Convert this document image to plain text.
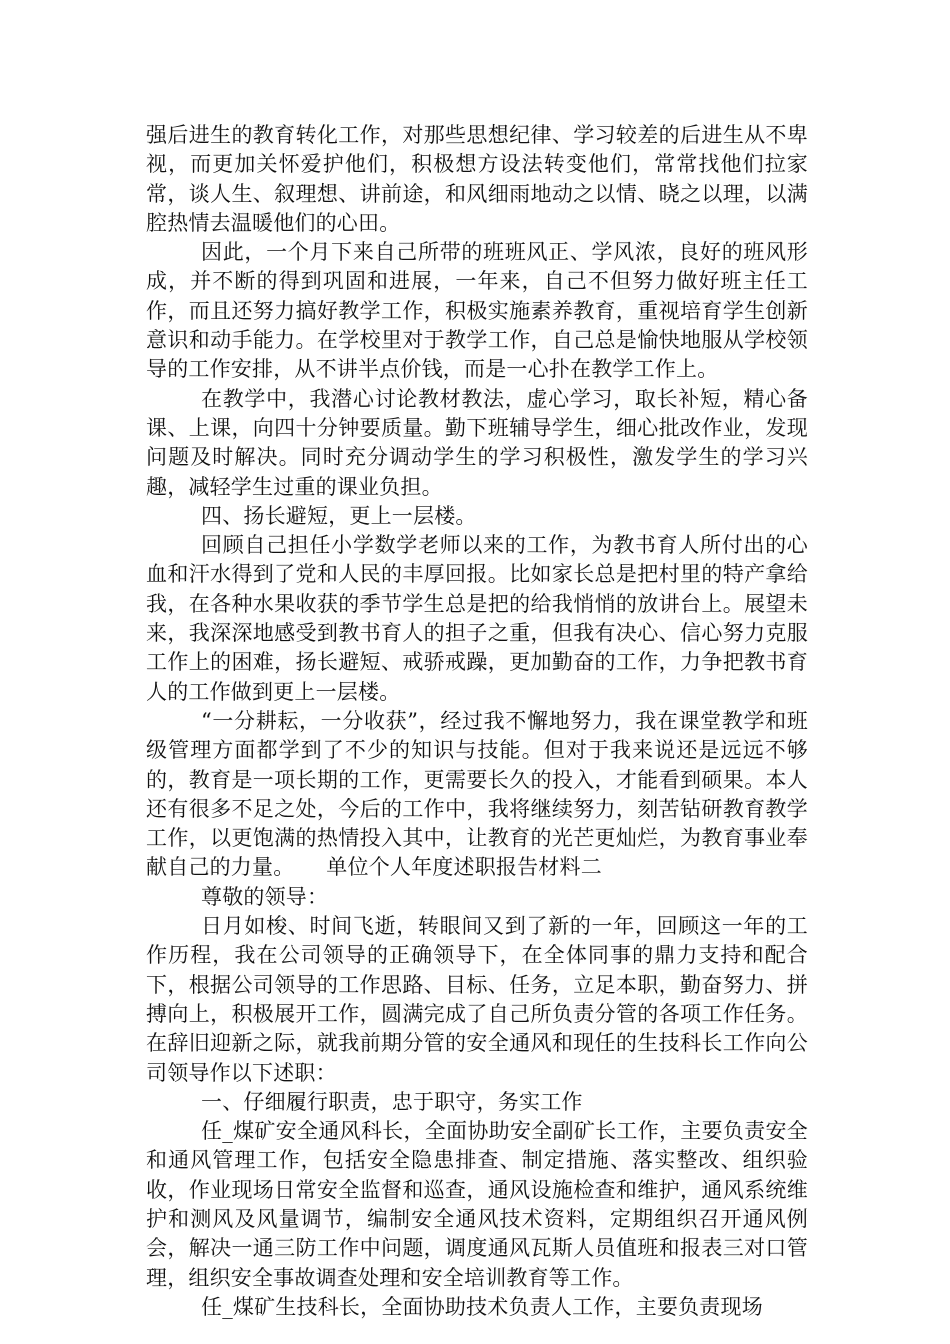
强后进生的教育转化工作，对那些思想纪律、学习较差的后进生从不卑视，而更加关怀爱护他们，积极想方设法转变他们，常常找他们拉家常，谈人生、叙理想、讲前途，和风细雨地动之以情、晓之以理，以满腔热情去温暖他们的心田。

因此，一个月下来自己所带的班班风正、学风浓，良好的班风形成，并不断的得到巩固和进展，一年来，自己不但努力做好班主任工作，而且还努力搞好教学工作，积极实施素养教育，重视培育学生创新意识和动手能力。在学校里对于教学工作，自己总是愉快地服从学校领导的工作安排，从不讲半点价钱，而是一心扑在教学工作上。

在教学中，我潜心讨论教材教法，虚心学习，取长补短，精心备课、上课，向四十分钟要质量。勤下班辅导学生，细心批改作业，发现问题及时解决。同时充分调动学生的学习积极性，激发学生的学习兴趣，减轻学生过重的课业负担。

四、扬长避短，更上一层楼。

回顾自己担任小学数学老师以来的工作，为教书育人所付出的心血和汗水得到了党和人民的丰厚回报。比如家长总是把村里的特产拿给我，在各种水果收获的季节学生总是把的给我悄悄的放讲台上。展望未来，我深深地感受到教书育人的担子之重，但我有决心、信心努力克服工作上的困难，扬长避短、戒骄戒躁，更加勤奋的工作，力争把教书育人的工作做到更上一层楼。

“一分耕耘，一分收获”，经过我不懈地努力，我在课堂教学和班级管理方面都学到了不少的知识与技能。但对于我来说还是远远不够的，教育是一项长期的工作，更需要长久的投入，才能看到硕果。本人还有很多不足之处，今后的工作中，我将继续努力，刻苦钻研教育教学工作，以更饱满的热情投入其中，让教育的光芒更灿烂，为教育事业奉献自己的力量。　　单位个人年度述职报告材料二

尊敬的领导：

日月如梭、时间飞逝，转眼间又到了新的一年，回顾这一年的工作历程，我在公司领导的正确领导下，在全体同事的鼎力支持和配合下，根据公司领导的工作思路、目标、任务，立足本职，勤奋努力、拼搏向上，积极展开工作，圆满完成了自己所负责分管的各项工作任务。在辞旧迎新之际，就我前期分管的安全通风和现任的生技科长工作向公司领导作以下述职：

一、仔细履行职责，忠于职守，务实工作

任_煤矿安全通风科长，全面协助安全副矿长工作，主要负责安全和通风管理工作，包括安全隐患排查、制定措施、落实整改、组织验收，作业现场日常安全监督和巡查，通风设施检查和维护，通风系统维护和测风及风量调节，编制安全通风技术资料，定期组织召开通风例会，解决一通三防工作中问题，调度通风瓦斯人员值班和报表三对口管理，组织安全事故调查处理和安全培训教育等工作。

任_煤矿生技科长，全面协助技术负责人工作，主要负责现场
